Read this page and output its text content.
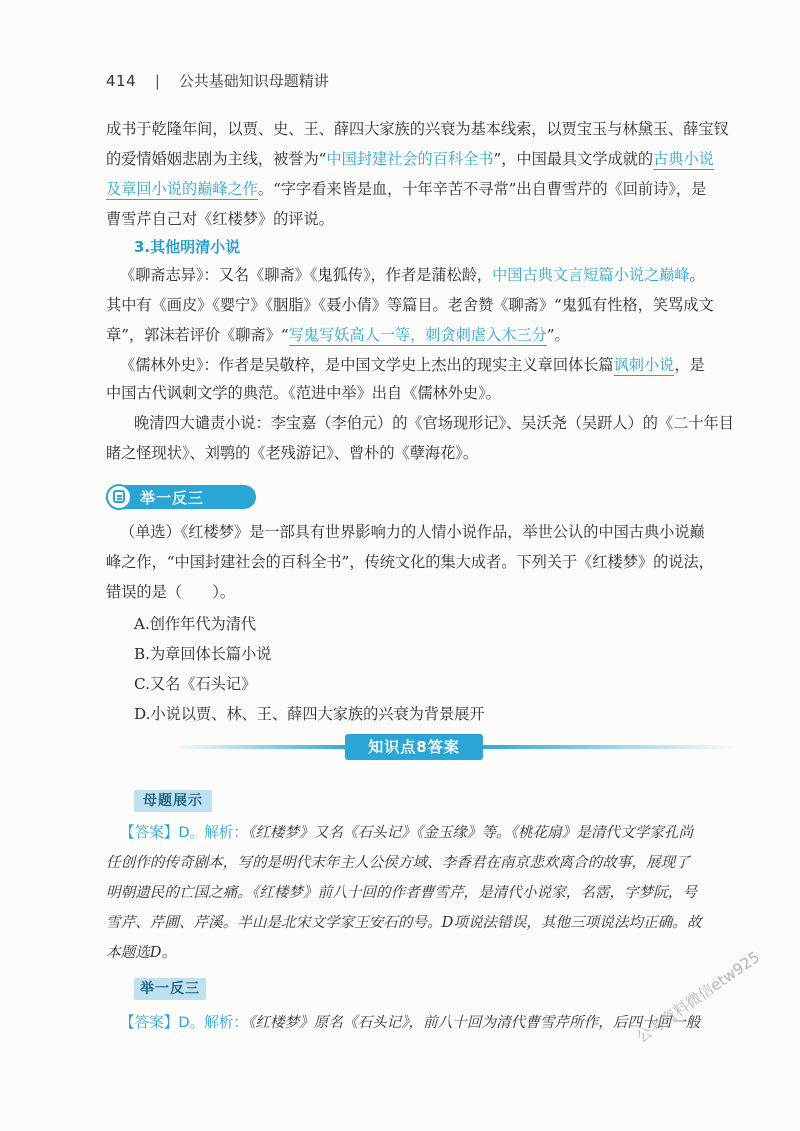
414 | 公共基础知识母题精讲
成书于乾隆年间，以贾、史、王、薛四大家族的兴衰为基本线索，以贾宝玉与林黛玉、薛宝钗
的爱情婚姻悲剧为主线，被誉为“中国封建社会的百科全书”，中国最具文学成就的古典小说
及章回小说的巅峰之作。“字字看来皆是血，十年辛苦不寻常”出自曹雪芹的《回前诗》，是
曹雪芹自己对《红楼梦》的评说。
3.其他明清小说
《聊斋志异》：又名《聊斋》《鬼狐传》，作者是蒲松龄，中国古典文言短篇小说之巅峰。
其中有《画皮》《婴宁》《胭脂》《聂小倩》等篇目。老舍赞《聊斋》“鬼狐有性格，笑骂成文
章”，郭沫若评价《聊斋》“写鬼写妖高人一等，刺贪刺虐入木三分”。
《儒林外史》：作者是吴敬梓，是中国文学史上杰出的现实主义章回体长篇讽刺小说，是
中国古代讽刺文学的典范。《范进中举》出自《儒林外史》。
晚清四大谴责小说：李宝嘉（李伯元）的《官场现形记》、吴沃尧（吴趼人）的《二十年目
睹之怪现状》、刘鹗的《老残游记》、曾朴的《孽海花》。
举一反三
（单选）《红楼梦》是一部具有世界影响力的人情小说作品，举世公认的中国古典小说巅
峰之作，“中国封建社会的百科全书”，传统文化的集大成者。下列关于《红楼梦》的说法，
错误的是（　　）。
A.创作年代为清代
B.为章回体长篇小说
C.又名《石头记》
D.小说以贾、林、王、薛四大家族的兴衰为背景展开
知识点8答案
母题展示
【答案】D。解析：《红楼梦》又名《石头记》《金玉缘》等。《桃花扇》是清代文学家孔尚
任创作的传奇剧本，写的是明代末年主人公侯方域、李香君在南京悲欢离合的故事，展现了
明朝遗民的亡国之痛。《红楼梦》前八十回的作者曹雪芹，是清代小说家，名霑，字梦阮，号
雪芹、芹圃、芹溪。半山是北宋文学家王安石的号。D项说法错误，其他三项说法均正确。故
本题选D。
举一反三
【答案】D。解析：《红楼梦》原名《石头记》，前八十回为清代曹雪芹所作，后四十回一般
公考资料微信etw925
